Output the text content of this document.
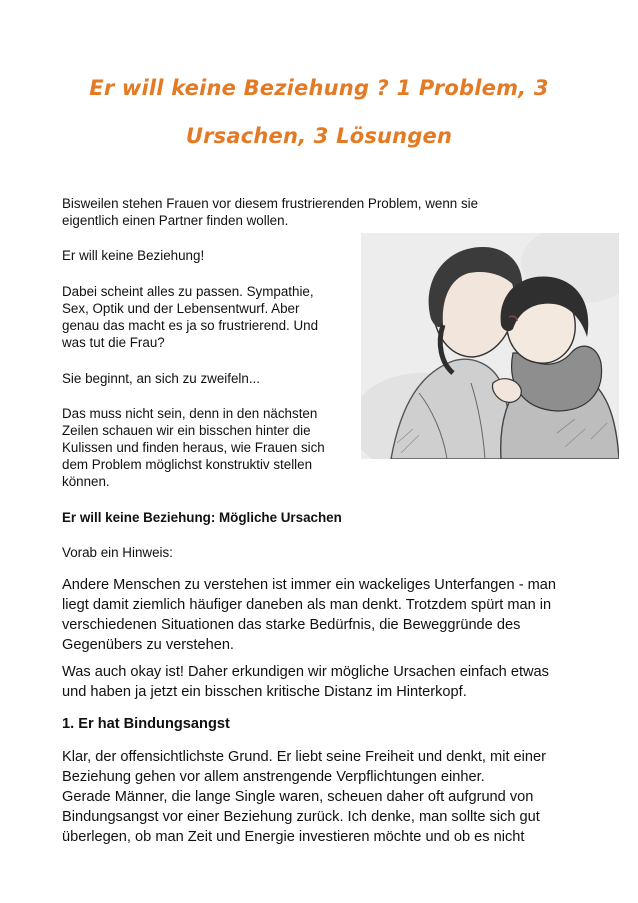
Er will keine Beziehung ? 1 Problem, 3
Ursachen, 3 Lösungen

Bisweilen stehen Frauen vor diesem frustrierenden Problem, wenn sie

eigentlich einen Partner finden wollen.

Er will keine Beziehung!

Dabei scheint alles zu passen. Sympathie,

Sex, Optik und der Lebensentwurf. Aber

genau das macht es ja so frustrierend. Und

was tut die Frau?

Sie beginnt, an sich zu zweifeln...

Das muss nicht sein, denn in den nächsten

Zeilen schauen wir ein bisschen hinter die

Kulissen und finden heraus, wie Frauen sich

dem Problem möglichst konstruktiv stellen

können.

Er will keine Beziehung: Mögliche Ursachen

Vorab ein Hinweis:

Andere Menschen zu verstehen ist immer ein wackeliges Unterfangen - man

liegt damit ziemlich häufiger daneben als man denkt. Trotzdem spürt man in

verschiedenen Situationen das starke Bedürfnis, die Beweggründe des

Gegenübers zu verstehen.

Was auch okay ist! Daher erkundigen wir mögliche Ursachen einfach etwas

und haben ja jetzt ein bisschen kritische Distanz im Hinterkopf.

1. Er hat Bindungsangst

Klar, der offensichtlichste Grund. Er liebt seine Freiheit und denkt, mit einer

Beziehung gehen vor allem anstrengende Verpflichtungen einher.

Gerade Männer, die lange Single waren, scheuen daher oft aufgrund von

Bindungsangst vor einer Beziehung zurück. Ich denke, man sollte sich gut

überlegen, ob man Zeit und Energie investieren möchte und ob es nicht
